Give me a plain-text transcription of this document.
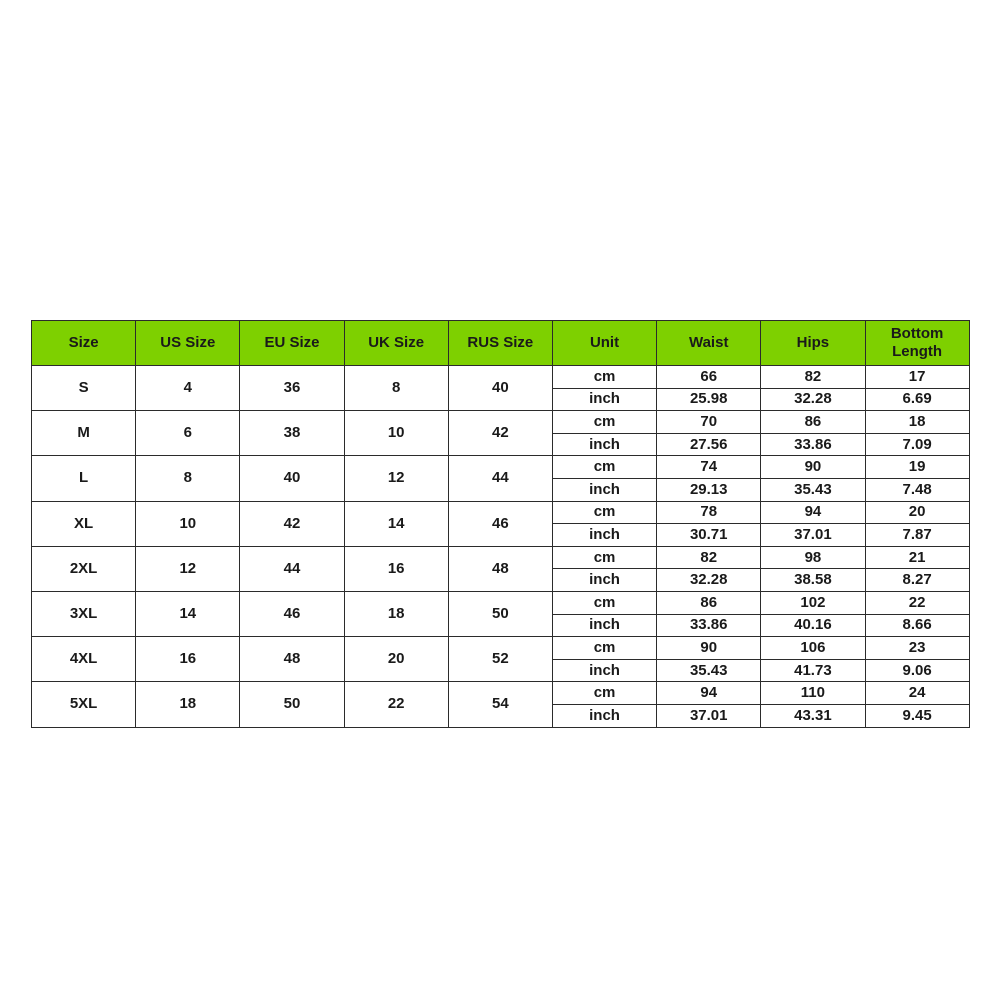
Size	US Size	EU Size	UK Size	RUS Size	Unit	Waist	Hips	Bottom
Length
S	4	36	8	40	cm	66	82	17
					inch	25.98	32.28	6.69
M	6	38	10	42	cm	70	86	18
					inch	27.56	33.86	7.09
L	8	40	12	44	cm	74	90	19
					inch	29.13	35.43	7.48
XL	10	42	14	46	cm	78	94	20
					inch	30.71	37.01	7.87
2XL	12	44	16	48	cm	82	98	21
					inch	32.28	38.58	8.27
3XL	14	46	18	50	cm	86	102	22
					inch	33.86	40.16	8.66
4XL	16	48	20	52	cm	90	106	23
					inch	35.43	41.73	9.06
5XL	18	50	22	54	cm	94	110	24
					inch	37.01	43.31	9.45
